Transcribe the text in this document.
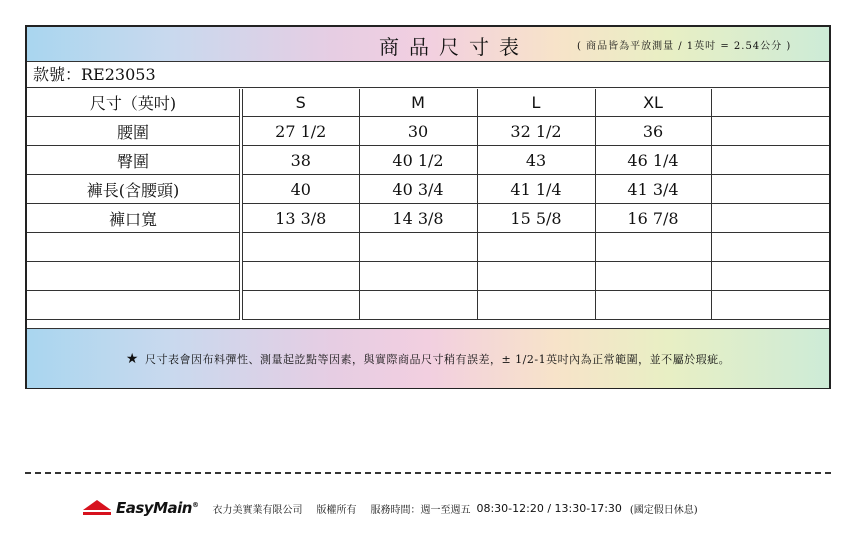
商品尺寸表	( 商品皆為平放測量 / 1英吋 = 2.54公分 )
款號：RE23053
尺寸（英吋)	S	M	L	XL	
腰圍	27 1/2	30	32 1/2	36	
臀圍	38	40 1/2	43	46 1/4	
褲長(含腰頭)	40	40 3/4	41 1/4	41 3/4	
褲口寬	13 3/8	14 3/8	15 5/8	16 7/8	

★ 尺寸表會因布料彈性、測量起訖點等因素，與實際商品尺寸稍有誤差，± 1/2-1英吋內為正常範圍，並不屬於瑕疵。
EasyMain® 衣力美實業有限公司 版權所有 服務時間：週一至週五 08:30-12:20 / 13:30-17:30 (國定假日休息)
